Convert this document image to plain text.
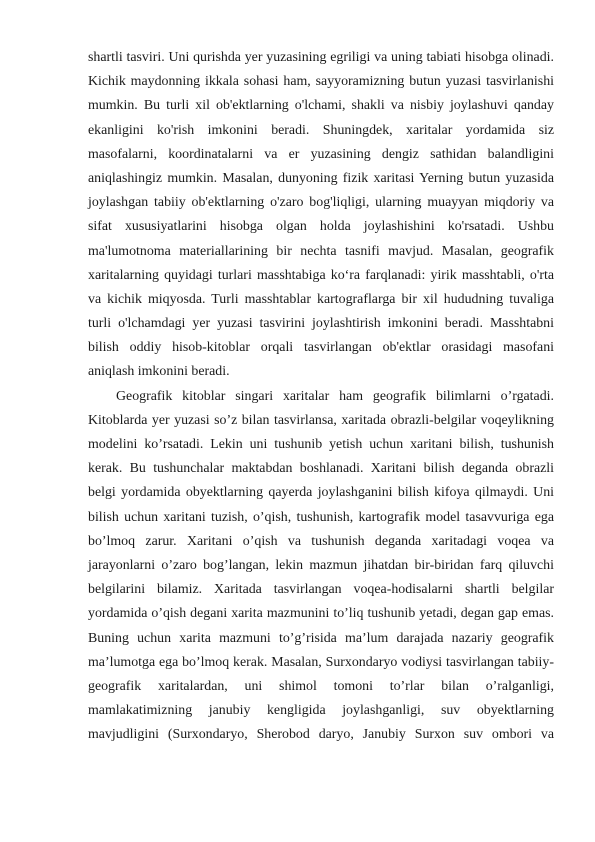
shartli tasviri. Uni qurishda yer yuzasining egriligi va uning tabiati hisobga olinadi.
Kichik maydonning ikkala sohasi ham, sayyoramizning butun yuzasi tasvirlanishi
mumkin. Bu turli xil ob'ektlarning o'lchami, shakli va nisbiy joylashuvi qanday
ekanligini ko'rish imkonini beradi. Shuningdek, xaritalar yordamida siz
masofalarni, koordinatalarni va er yuzasining dengiz sathidan balandligini
aniqlashingiz mumkin. Masalan, dunyoning fizik xaritasi Yerning butun yuzasida
joylashgan tabiiy ob'ektlarning o'zaro bog'liqligi, ularning muayyan miqdoriy va
sifat xususiyatlarini hisobga olgan holda joylashishini ko'rsatadi. Ushbu
ma'lumotnoma materiallarining bir nechta tasnifi mavjud. Masalan, geografik
xaritalarning quyidagi turlari masshtabiga ko‘ra farqlanadi: yirik masshtabli, o'rta
va kichik miqyosda. Turli masshtablar kartograflarga bir xil hududning tuvaliga
turli o'lchamdagi yer yuzasi tasvirini joylashtirish imkonini beradi. Masshtabni
bilish oddiy hisob-kitoblar orqali tasvirlangan ob'ektlar orasidagi masofani
aniqlash imkonini beradi.
Geografik kitoblar singari xaritalar ham geografik bilimlarni o’rgatadi.
Kitoblarda yer yuzasi so’z bilan tasvirlansa, xaritada obrazli-belgilar voqeylikning
modelini ko’rsatadi. Lekin uni tushunib yetish uchun xaritani bilish, tushunish
kerak. Bu tushunchalar maktabdan boshlanadi. Xaritani bilish deganda obrazli
belgi yordamida obyektlarning qayerda joylashganini bilish kifoya qilmaydi. Uni
bilish uchun xaritani tuzish, o’qish, tushunish, kartografik model tasavvuriga ega
bo’lmoq zarur. Xaritani o’qish va tushunish deganda xaritadagi voqea va
jarayonlarni o’zaro bog’langan, lekin mazmun jihatdan bir-biridan farq qiluvchi
belgilarini bilamiz. Xaritada tasvirlangan voqea-hodisalarni shartli belgilar
yordamida o’qish degani xarita mazmunini to’liq tushunib yetadi, degan gap emas.
Buning uchun xarita mazmuni to’g’risida ma’lum darajada nazariy geografik
ma’lumotga ega bo’lmoq kerak. Masalan, Surxondaryo vodiysi tasvirlangan tabiiy-
geografik xaritalardan, uni shimol tomoni to’rlar bilan o’ralganligi,
mamlakatimizning janubiy kengligida joylashganligi, suv obyektlarning
mavjudligini (Surxondaryo, Sherobod daryo, Janubiy Surxon suv ombori va
